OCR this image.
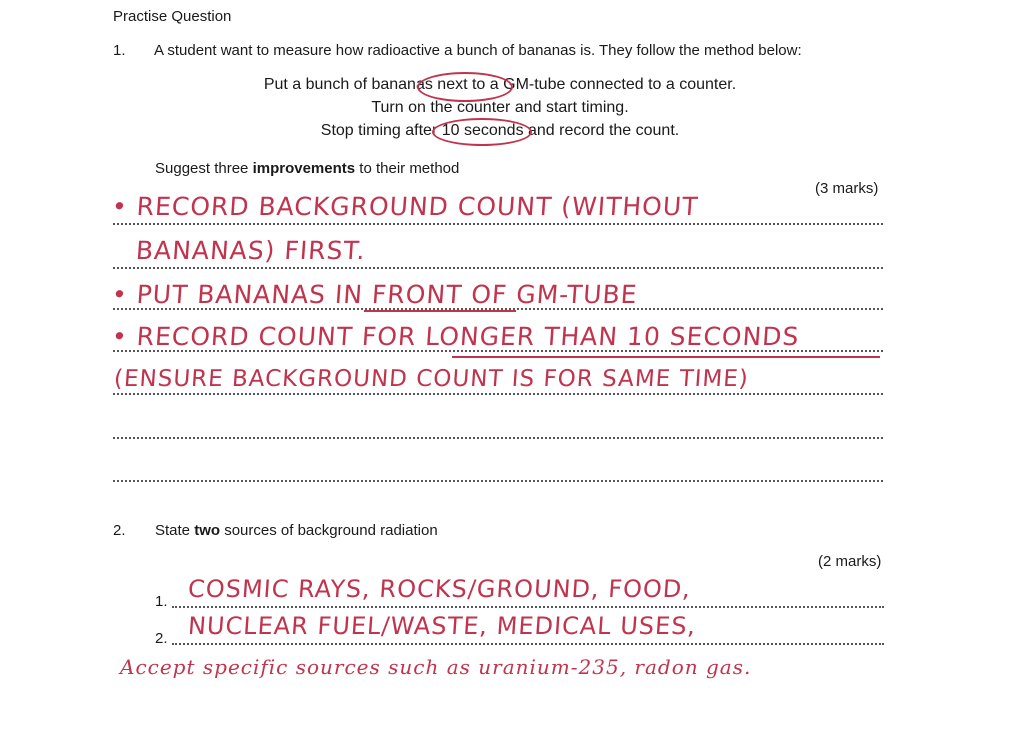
Practise Question
1. A student want to measure how radioactive a bunch of bananas is. They follow the method below:
Put a bunch of bananas next to a GM-tube connected to a counter.
Turn on the counter and start timing.
Stop timing after 10 seconds and record the count.
Suggest three improvements to their method
(3 marks)
• RECORD BACKGROUND COUNT (WITHOUT
BANANAS) FIRST.
• PUT BANANAS IN FRONT OF GM-TUBE
• RECORD COUNT FOR LONGER THAN 10 SECONDS
(ENSURE BACKGROUND COUNT IS FOR SAME TIME)
2. State two sources of background radiation
(2 marks)
1. COSMIC RAYS, ROCKS/GROUND, FOOD,
2. NUCLEAR FUEL/WASTE, MEDICAL USES,
Accept specific sources such as uranium-235, radon gas.
